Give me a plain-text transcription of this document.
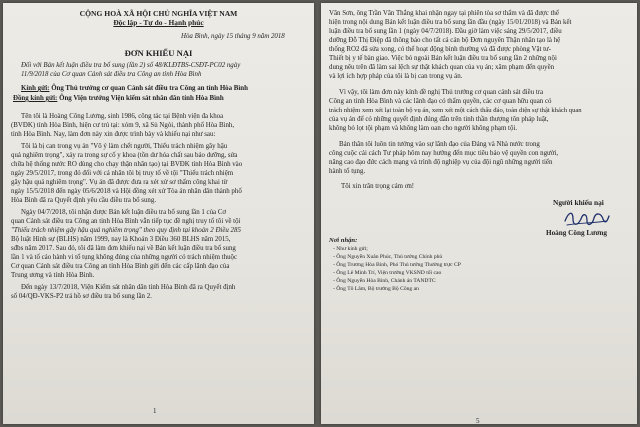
CỘNG HOÀ XÃ HỘI CHỦ NGHĨA VIỆT NAM
Độc lập - Tự do - Hạnh phúc
Hòa Bình, ngày 15 tháng 9 năm 2018
ĐƠN KHIẾU NẠI
Đối với Bản kết luận điều tra bổ sung (lần 2) số 48/KLĐTBS-CSĐT-PC02 ngày
11/9/2018 của Cơ quan Cảnh sát điều tra Công an tỉnh Hòa Bình
Kính gửi: Ông Thủ trưởng cơ quan Cảnh sát điều tra Công an tỉnh Hòa Bình
Đồng kính gửi: Ông Viện trưởng Viện kiểm sát nhân dân tỉnh Hòa Bình
Tên tôi là Hoàng Công Lương, sinh 1986, công tác tại Bệnh viện đa khoa
(BVĐK) tỉnh Hòa Bình, hiện cư trú tại: xóm 9, xã Sủ Ngòi, thành phố Hòa Bình,
tỉnh Hòa Bình. Nay, làm đơn này xin được trình bày và khiếu nại như sau:
Tôi là bị can trong vụ án "Vô ý làm chết người, Thiếu trách nhiệm gây hậu
quả nghiêm trọng", xảy ra trong sự cố y khoa (tồn dư hóa chất sau bảo dưỡng, sửa
chữa hệ thống nước RO dùng cho chạy thận nhân tạo) tại BVĐK tỉnh Hòa Bình vào
ngày 29/5/2017, trong đó đối với cá nhân tôi bị truy tố về tội "Thiếu trách nhiệm
gây hậu quả nghiêm trọng". Vụ án đã được đưa ra xét xử sơ thẩm công khai từ
ngày 15/5/2018 đến ngày 05/6/2018 và Hội đồng xét xử Tòa án nhân dân thành phố
Hòa Bình đã ra Quyết định yêu cầu điều tra bổ sung.
Ngày 04/7/2018, tôi nhận được Bản kết luận điều tra bổ sung lần 1 của Cơ
quan Cảnh sát điều tra Công an tỉnh Hòa Bình vẫn tiếp tục đề nghị truy tố tôi về tội
"Thiếu trách nhiệm gây hậu quả nghiêm trọng" theo quy định tại khoản 2 Điều 285
Bộ luật Hình sự (BLHS) năm 1999, nay là Khoản 3 Điều 360 BLHS năm 2015,
sđbs năm 2017. Sau đó, tôi đã làm đơn khiếu nại về Bản kết luận điều tra bổ sung
lần 1 và tố cáo hành vi tố tụng không đúng của những người có trách nhiệm thuộc
Cơ quan Cảnh sát điều tra Công an tỉnh Hòa Bình gửi đến các cấp lãnh đạo của
Trung ương và tỉnh Hòa Bình.
Đến ngày 13/7/2018, Viện Kiểm sát nhân dân tỉnh Hòa Bình đã ra Quyết định
số 04/QĐ-VKS-P2 trả hồ sơ điều tra bổ sung lần 2.
1
Văn Sơn, ông Trần Văn Thắng khai nhận ngay tại phiên tòa sơ thẩm và đã được thể
hiện trong nội dung Bản kết luận điều tra bổ sung lần đầu (ngày 15/01/2018) và Bản kết
luận điều tra bổ sung lần 1 (ngày 04/7/2018). Đầu giờ làm việc sáng 29/5/2017, điều
dưỡng Đỗ Thị Điệp đã thông báo cho tất cả cán bộ Đơn nguyên Thận nhân tạo là hệ
thống RO2 đã sửa xong, có thể hoạt động bình thường và đã được phòng Vật tư-
Thiết bị y tế bàn giao. Việc bỏ ngoài Bản kết luận điều tra bổ sung lần 2 những nội
dung nêu trên đã làm sai lệch sự thật khách quan của vụ án; xâm phạm đến quyền
và lợi ích hợp pháp của tôi là bị can trong vụ án.
Vì vậy, tôi làm đơn này kính đề nghị Thủ trưởng cơ quan cảnh sát điều tra
Công an tỉnh Hòa Bình và các lãnh đạo có thẩm quyền, các cơ quan hữu quan có
trách nhiệm xem xét lại toàn bộ vụ án, xem xét một cách thấu đáo, toàn diện sự thật khách quan
của vụ án để có những quyết định đúng đắn trên tinh thần thượng tôn pháp luật,
không bỏ lọt tội phạm và không làm oan cho người không phạm tội.
Bản thân tôi luôn tin tưởng vào sự lãnh đạo của Đảng và Nhà nước trong
công cuộc cải cách Tư pháp hôm nay hướng đến mục tiêu bảo vệ quyền con người,
nâng cao đạo đức cách mạng và trình độ nghiệp vụ của đội ngũ những người tiến
hành tố tụng.
Tôi xin trân trọng cảm ơn!
Người khiếu nại
Hoàng Công Lương
Nơi nhận:
- Như kính gửi;
- Ông Nguyễn Xuân Phúc, Thủ tướng Chính phủ
- Ông Trương Hòa Bình, Phó Thủ tướng Thường trực CP
- Ông Lê Minh Trí, Viện trưởng VKSND tối cao
- Ông Nguyễn Hòa Bình, Chánh án TANDTC
- Ông Tô Lâm, Bộ trưởng Bộ Công an
5
